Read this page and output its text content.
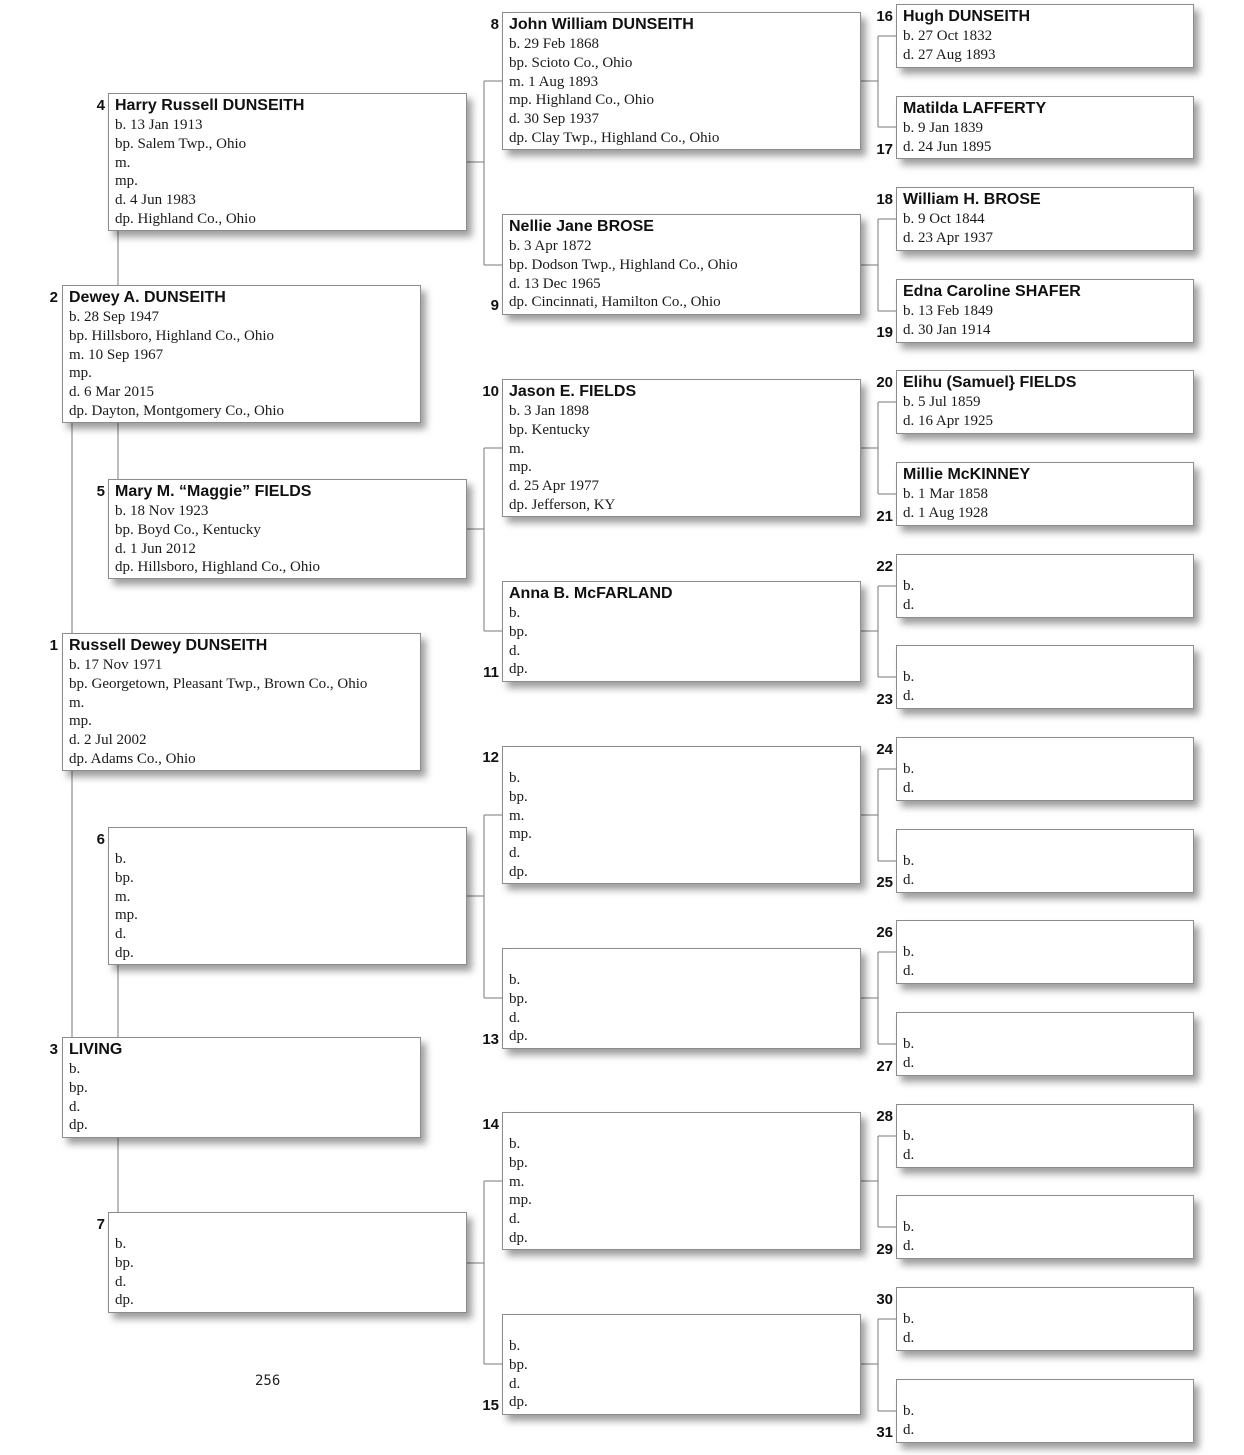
1 Russell Dewey DUNSEITH
b. 17 Nov 1971
bp. Georgetown, Pleasant Twp., Brown Co., Ohio
m.
mp.
d. 2 Jul 2002
dp. Adams Co., Ohio
2 Dewey A. DUNSEITH
b. 28 Sep 1947
bp. Hillsboro, Highland Co., Ohio
m. 10 Sep 1967
mp.
d. 6 Mar 2015
dp. Dayton, Montgomery Co., Ohio
3 LIVING
b.
bp.
d.
dp.
4 Harry Russell DUNSEITH
b. 13 Jan 1913
bp. Salem Twp., Ohio
m.
mp.
d. 4 Jun 1983
dp. Highland Co., Ohio
5 Mary M. “Maggie” FIELDS
b. 18 Nov 1923
bp. Boyd Co., Kentucky
d. 1 Jun 2012
dp. Hillsboro, Highland Co., Ohio
6
b.
bp.
m.
mp.
d.
dp.
7
b.
bp.
d.
dp.
256
8 John William DUNSEITH
b. 29 Feb 1868
bp. Scioto Co., Ohio
m. 1 Aug 1893
mp. Highland Co., Ohio
d. 30 Sep 1937
dp. Clay Twp., Highland Co., Ohio
9
Nellie Jane BROSE
b. 3 Apr 1872
bp. Dodson Twp., Highland Co., Ohio
d. 13 Dec 1965
dp. Cincinnati, Hamilton Co., Ohio
10 Jason E. FIELDS
b. 3 Jan 1898
bp. Kentucky
m.
mp.
d. 25 Apr 1977
dp. Jefferson, KY
11
Anna B. McFARLAND
b.
bp.
d.
dp.
12
b.
bp.
m.
mp.
d.
dp.
13
b.
bp.
d.
dp.
14
b.
bp.
m.
mp.
d.
dp.
15
b.
bp.
d.
dp.
16 Hugh DUNSEITH
b. 27 Oct 1832
d. 27 Aug 1893
17
Matilda LAFFERTY
b. 9 Jan 1839
d. 24 Jun 1895
18 William H. BROSE
b. 9 Oct 1844
d. 23 Apr 1937
19
Edna Caroline SHAFER
b. 13 Feb 1849
d. 30 Jan 1914
20 Elihu (Samuel} FIELDS
b. 5 Jul 1859
d. 16 Apr 1925
21
Millie McKINNEY
b. 1 Mar 1858
d. 1 Aug 1928
22
b.
d.
23
b.
d.
24
b.
d.
25
b.
d.
26
b.
d.
27
b.
d.
28
b.
d.
29
b.
d.
30
b.
d.
31
b.
d.
